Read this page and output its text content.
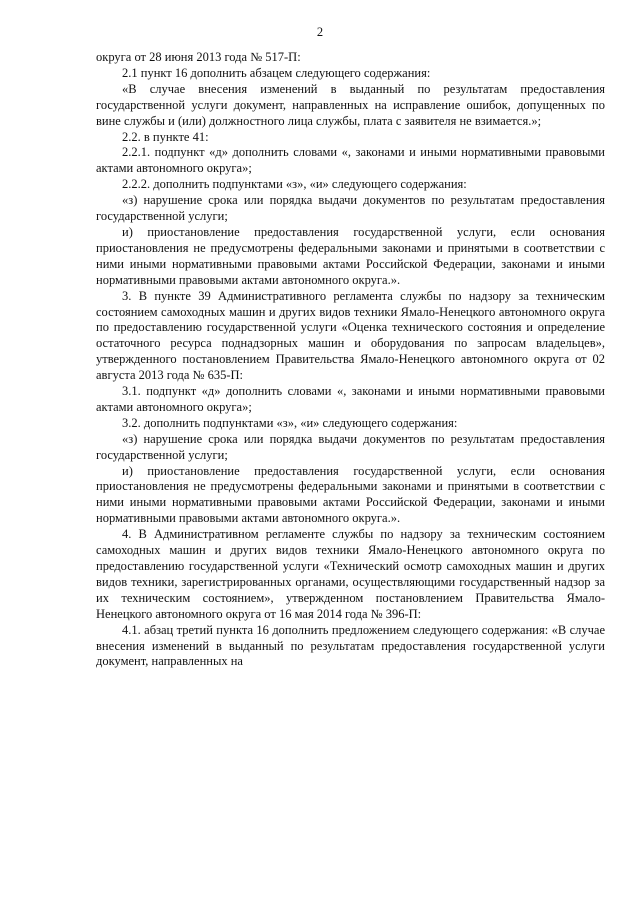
2

округа от 28 июня 2013 года № 517-П:

2.1 пункт 16 дополнить абзацем следующего содержания:

«В случае внесения изменений в выданный по результатам предоставления государственной услуги документ, направленных на исправление ошибок, допущенных по вине службы и (или) должностного лица службы, плата с заявителя не взимается.»;

2.2. в пункте 41:

2.2.1. подпункт «д» дополнить словами «, законами и иными нормативными правовыми актами автономного округа»;

2.2.2. дополнить подпунктами «з», «и» следующего содержания:

«з) нарушение срока или порядка выдачи документов по результатам предоставления государственной услуги;

и) приостановление предоставления государственной услуги, если основания приостановления не предусмотрены федеральными законами и принятыми в соответствии с ними иными нормативными правовыми актами Российской Федерации, законами и иными нормативными правовыми актами автономного округа.».

3. В пункте 39 Административного регламента службы по надзору за техническим состоянием самоходных машин и других видов техники Ямало-Ненецкого автономного округа по предоставлению государственной услуги «Оценка технического состояния и определение остаточного ресурса поднадзорных машин и оборудования по запросам владельцев», утвержденного постановлением Правительства Ямало-Ненецкого автономного округа от 02 августа 2013 года № 635-П:

3.1. подпункт «д» дополнить словами «, законами и иными нормативными правовыми актами автономного округа»;

3.2. дополнить подпунктами «з», «и» следующего содержания:

«з) нарушение срока или порядка выдачи документов по результатам предоставления государственной услуги;

и) приостановление предоставления государственной услуги, если основания приостановления не предусмотрены федеральными законами и принятыми в соответствии с ними иными нормативными правовыми актами Российской Федерации, законами и иными нормативными правовыми актами автономного округа.».

4. В Административном регламенте службы по надзору за техническим состоянием самоходных машин и других видов техники Ямало-Ненецкого автономного округа по предоставлению государственной услуги «Технический осмотр самоходных машин и других видов техники, зарегистрированных органами, осуществляющими государственный надзор за их техническим состоянием», утвержденном постановлением Правительства Ямало-Ненецкого автономного округа от 16 мая 2014 года № 396-П:

4.1. абзац третий пункта 16 дополнить предложением следующего содержания: «В случае внесения изменений в выданный по результатам предоставления государственной услуги документ, направленных на
